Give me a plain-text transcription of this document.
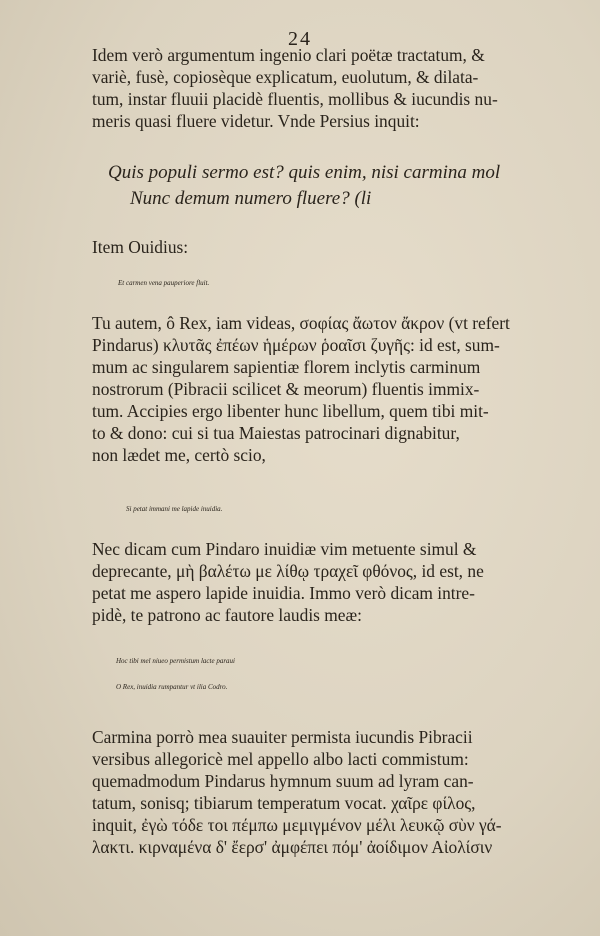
24
Idem verò argumentum ingenio clari poëtæ tractatum, &
variè, fusè, copiosèque explicatum, euolutum, & dilata-
tum, instar fluuii placidè fluentis, mollibus & iucundis nu-
meris quasi fluere videtur. Vnde Persius inquit:
Quis populi sermo est? quis enim, nisi carmina mol
Nunc demum numero fluere? (li
Item Ouidius:
Et carmen vena pauperiore fluit.
Tu autem, ô Rex, iam videas, σοφίας ἄωτον ἄκρον (vt refert
Pindarus) κλυτᾶς ἐπέων ἡμέρων ῥοαῖσι ζυγῆς: id est, sum-
mum ac singularem sapientiæ florem inclytis carminum
nostrorum (Pibracii scilicet & meorum) fluentis immix-
tum. Accipies ergo libenter hunc libellum, quem tibi mit-
to & dono: cui si tua Maiestas patrocinari dignabitur,
non lædet me, certò scio,
Si petat immani me lapide inuidia.
Nec dicam cum Pindaro inuidiæ vim metuente simul &
deprecante, μὴ βαλέτω με λίθῳ τραχεῖ φθόνος, id est, ne
petat me aspero lapide inuidia. Immo verò dicam intre-
pidè, te patrono ac fautore laudis meæ:
Hoc tibi mel niueo permistum lacte paraui
O Rex, inuidia rumpantur vt ilia Codro.
Carmina porrò mea suauiter permista iucundis Pibracii
versibus allegoricè mel appello albo lacti commistum:
quemadmodum Pindarus hymnum suum ad lyram can-
tatum, sonisq; tibiarum temperatum vocat. χαῖρε φίλος,
inquit, ἐγὼ τόδε τοι πέμπω μεμιγμένον μέλι λευκῷ σὺν γά-
λακτι. κιρναμένα δ' ἔερσ' ἀμφέπει πόμ' ἀοίδιμον Αἰολίσιν
